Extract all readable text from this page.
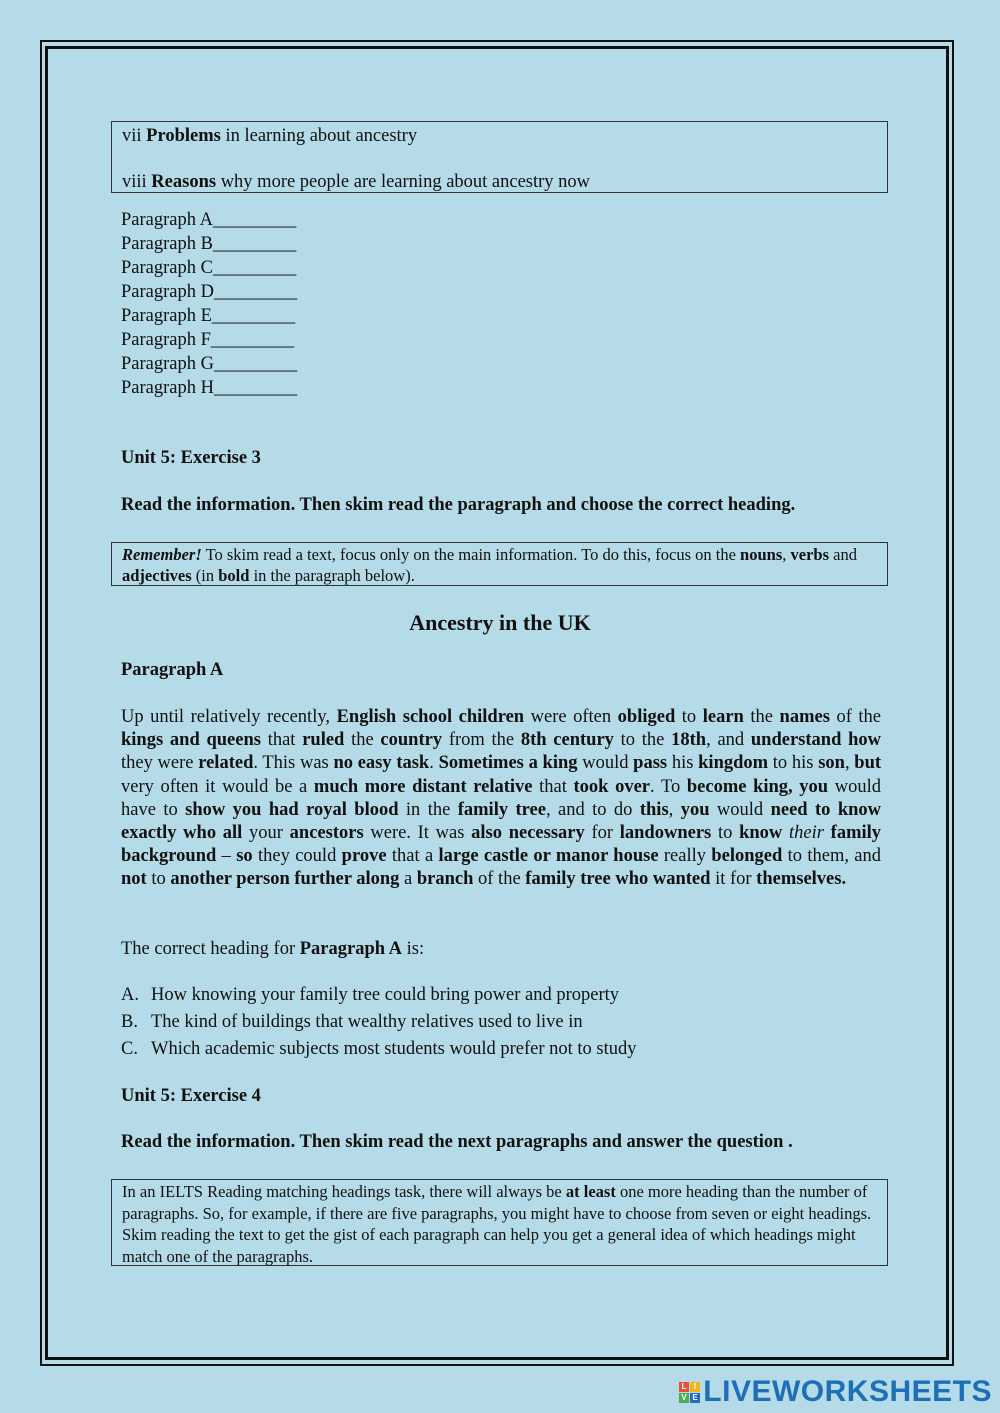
vii Problems in learning about ancestry

viii Reasons why more people are learning about ancestry now

Paragraph A_________
Paragraph B_________
Paragraph C_________
Paragraph D_________
Paragraph E_________
Paragraph F_________
Paragraph G_________
Paragraph H_________
Unit 5: Exercise 3
Read the information. Then skim read the paragraph and choose the correct heading.
Remember! To skim read a text, focus only on the main information. To do this, focus on the nouns, verbs and adjectives (in bold in the paragraph below).
Ancestry in the UK
Paragraph A
Up until relatively recently, English school children were often obliged to learn the names of the kings and queens that ruled the country from the 8th century to the 18th, and understand how they were related. This was no easy task. Sometimes a king would pass his kingdom to his son, but very often it would be a much more distant relative that took over. To become king, you would have to show you had royal blood in the family tree, and to do this, you would need to know exactly who all your ancestors were. It was also necessary for landowners to know their family background – so they could prove that a large castle or manor house really belonged to them, and not to another person further along a branch of the family tree who wanted it for themselves.
The correct heading for Paragraph A is:
A. How knowing your family tree could bring power and property
B. The kind of buildings that wealthy relatives used to live in
C. Which academic subjects most students would prefer not to study
Unit 5: Exercise 4
Read the information. Then skim read the next paragraphs and answer the question .
In an IELTS Reading matching headings task, there will always be at least one more heading than the number of paragraphs. So, for example, if there are five paragraphs, you might have to choose from seven or eight headings. Skim reading the text to get the gist of each paragraph can help you get a general idea of which headings might match one of the paragraphs.
L I
V E LIVEWORKSHEETS
